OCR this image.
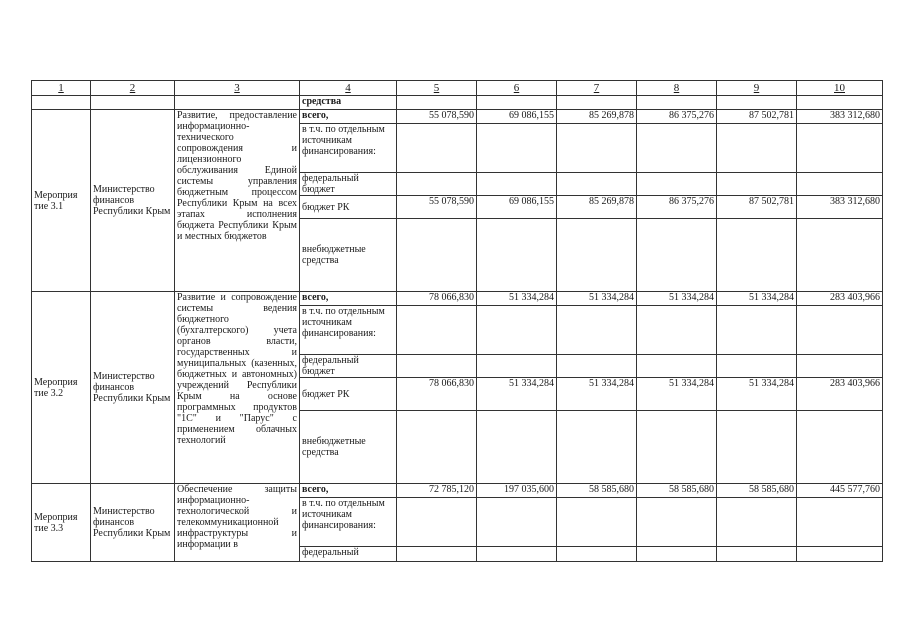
1	2	3	4	5	6	7	8	9	10
			средства						
Мероприя тие 3.1	Министерство финансов Республики Крым	Развитие, предоставление информационно-технического сопровождения и лицензионного обслуживания Единой системы управления бюджетным процессом Республики Крым на всех этапах исполнения бюджета Республики Крым и местных бюджетов	всего,	55 078,590	69 086,155	85 269,878	86 375,276	87 502,781	383 312,680
			в т.ч. по отдельным источникам финансирования:						
			федеральный бюджет						
			бюджет РК	55 078,590	69 086,155	85 269,878	86 375,276	87 502,781	383 312,680
			внебюджетные средства						
Мероприя тие 3.2	Министерство финансов Республики Крым	Развитие и сопровождение системы ведения бюджетного (бухгалтерского) учета органов власти, государственных и муниципальных (казенных, бюджетных и автономных) учреждений Республики Крым на основе программных продуктов "1С" и "Парус" с применением облачных технологий	всего,	78 066,830	51 334,284	51 334,284	51 334,284	51 334,284	283 403,966
			в т.ч. по отдельным источникам финансирования:						
			федеральный бюджет						
			бюджет РК	78 066,830	51 334,284	51 334,284	51 334,284	51 334,284	283 403,966
			внебюджетные средства						
Мероприя тие 3.3	Министерство финансов Республики Крым	Обеспечение защиты информационно-технологической и телекоммуникационной инфраструктуры и информации в	всего,	72 785,120	197 035,600	58 585,680	58 585,680	58 585,680	445 577,760
			в т.ч. по отдельным источникам финансирования:						
			федеральный						
